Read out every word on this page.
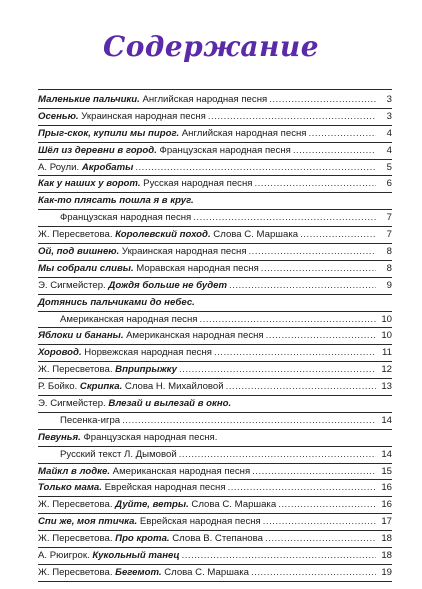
Содержание
Маленькие пальчики. Английская народная песня .....	3
Осенью. Украинская народная песня .....	3
Прыг-скок, купили мы пирог. Английская народная песня .....	4
Шёл из деревни в город. Французская народная песня .....	4
А. Роули. Акробаты .....	5
Как у наших у ворот. Русская народная песня .....	6
Как-то плясать пошла я в круг.
Французская народная песня .....	7
Ж. Пересветова. Королевский поход. Слова С. Маршака .....	7
Ой, под вишнею. Украинская народная песня .....	8
Мы собрали сливы. Моравская народная песня .....	8
Э. Сигмейстер. Дождя больше не будет .....	9
Дотянись пальчиками до небес.
Американская народная песня .....	10
Яблоки и бананы. Американская народная песня .....	10
Хоровод. Норвежская народная песня .....	11
Ж. Пересветова. Вприпрыжку .....	12
Р. Бойко. Скрипка. Слова Н. Михайловой .....	13
Э. Сигмейстер. Влезай и вылезай в окно.
Песенка-игра .....	14
Певунья. Французская народная песня.
Русский текст Л. Дымовой .....	14
Майкл в лодке. Американская народная песня .....	15
Только мама. Еврейская народная песня .....	16
Ж. Пересветова. Дуйте, ветры. Слова С. Маршака .....	16
Спи же, моя птичка. Еврейская народная песня .....	17
Ж. Пересветова. Про крота. Слова В. Степанова .....	18
А. Рюигрок. Кукольный танец .....	18
Ж. Пересветова. Бегемот. Слова С. Маршака .....	19
